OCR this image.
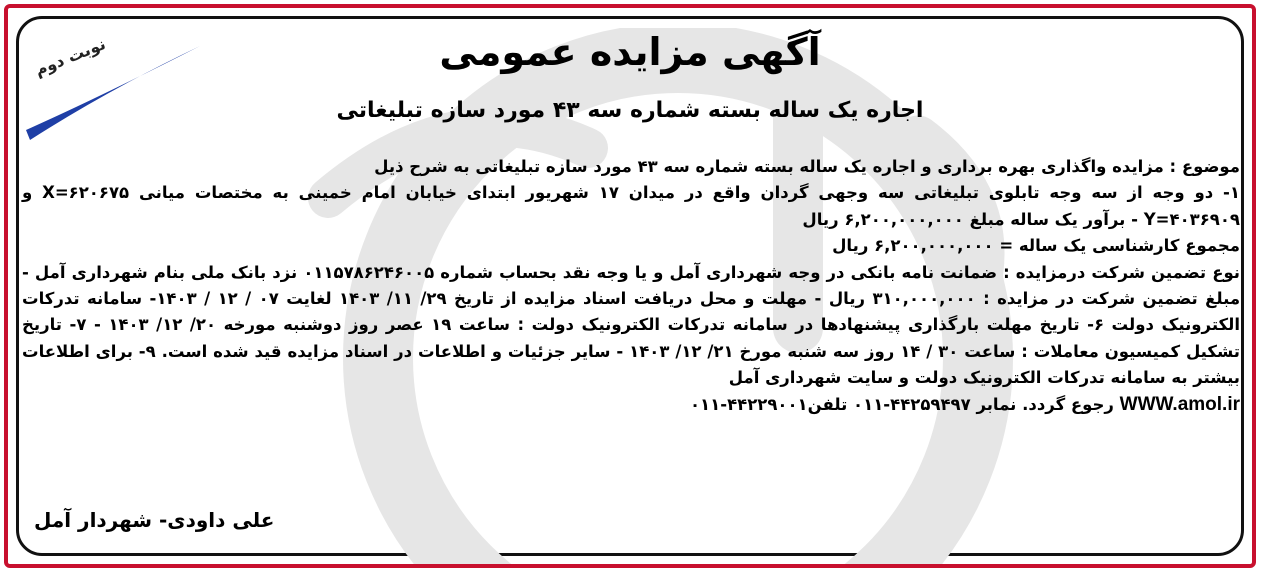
نوبت دوم	آگهی مزایده عمومی
اجاره یک ساله بسته شماره سه ۴۳ مورد سازه تبلیغاتی

موضوع : مزایده واگذاری بهره برداری و اجاره یک ساله بسته شماره سه ۴۳ مورد سازه تبلیغاتی به شرح ذیل

۱- دو وجه از سه وجه تابلوی تبلیغاتی سه وجهی گردان واقع در میدان ۱۷ شهریور ابتدای خیابان امام خمینی به مختصات میانی X=۶۲۰۶۷۵ و Y=۴۰۳۶۹۰۹ - برآور یک ساله مبلغ ۶,۲۰۰,۰۰۰,۰۰۰ ریال

مجموع کارشناسی یک ساله = ۶,۲۰۰,۰۰۰,۰۰۰ ریال

نوع تضمین شرکت درمزایده : ضمانت نامه بانکی در وجه شهرداری آمل و یا وجه نقد بحساب شماره ۰۱۱۵۷۸۶۲۴۶۰۰۵ نزد بانک ملی بنام شهرداری آمل - مبلغ تضمین شرکت در مزایده : ۳۱۰,۰۰۰,۰۰۰ ریال - مهلت و محل دریافت اسناد مزایده از تاریخ ۲۹/ ۱۱/ ۱۴۰۳ لغایت ۰۷ / ۱۲ / ۱۴۰۳- سامانه تدرکات الکترونیک دولت ۶- تاریخ مهلت بارگذاری پیشنهادها در سامانه تدرکات الکترونیک دولت : ساعت ۱۹ عصر روز دوشنبه مورخه ۲۰/ ۱۲/ ۱۴۰۳ - ۷- تاریخ تشکیل کمیسیون معاملات : ساعت ۳۰ / ۱۴ روز سه شنبه مورخ ۲۱/ ۱۲/ ۱۴۰۳ - سایر جزئیات و اطلاعات در اسناد مزایده قید شده است. ۹- برای اطلاعات بیشتر به سامانه تدرکات الکترونیک دولت و سایت شهرداری آمل

WWW.amol.ir رجوع گردد. نمابر ۴۴۲۵۹۴۹۷-۰۱۱ تلفن۴۴۲۲۹۰۰۱-۰۱۱

علی داودی- شهردار آمل
